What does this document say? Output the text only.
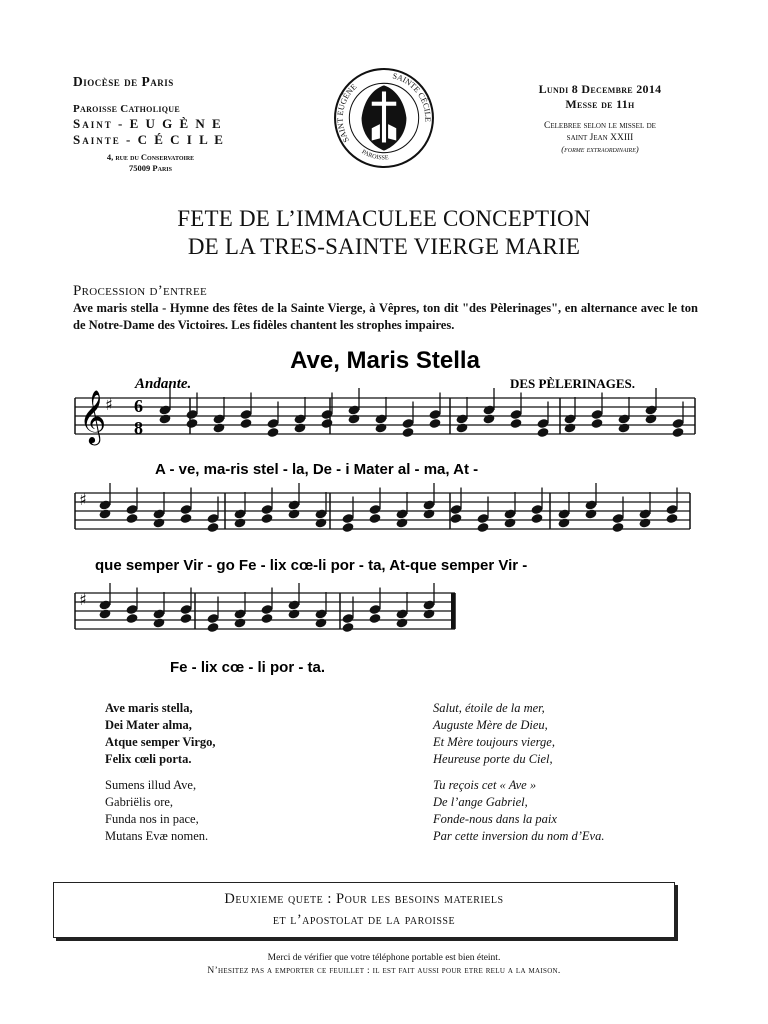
Diocèse de Paris
Paroisse Catholique
Saint - E U G È N E
Sainte - C É C I L E
4, rue du Conservatoire
75009 Paris
SAINT EUGÈNE
SAINTE CÉCILE
PAROISSE
Lundi 8 Decembre 2014
Messe de 11h
Celebree selon le missel de
saint Jean XXIII
(forme extraordinaire)
FETE DE L’IMMACULEE CONCEPTION
DE LA TRES-SAINTE VIERGE MARIE
Procession d’entree
Ave maris stella - Hymne des fêtes de la Sainte Vierge, à Vêpres, ton dit "des Pèlerinages", en alternance avec le ton de Notre-Dame des Victoires. Les fidèles chantent les strophes impaires.
𝄞
♯
♯
♯
Ave, Maris Stella
Andante.	DES PÈLERINAGES.
6
8
A - ve, ma-ris stel - la, De - i Mater al - ma, At -
que semper Vir - go Fe - lix cœ-li por - ta, At-que semper Vir -
Fe - lix cœ - li por - ta.
Ave maris stella,
Dei Mater alma,
Atque semper Virgo,
Felix cœli porta.
Sumens illud Ave,
Gabriëlis ore,
Funda nos in pace,
Mutans Evæ nomen.
Salut, étoile de la mer,
Auguste Mère de Dieu,
Et Mère toujours vierge,
Heureuse porte du Ciel,
Tu reçois cet « Ave »
De l’ange Gabriel,
Fonde-nous dans la paix
Par cette inversion du nom d’Eva.
Deuxieme quete : Pour les besoins materiels
et l’apostolat de la paroisse
Merci de vérifier que votre téléphone portable est bien éteint.
N’hesitez pas a emporter ce feuillet : il est fait aussi pour etre relu a la maison.
